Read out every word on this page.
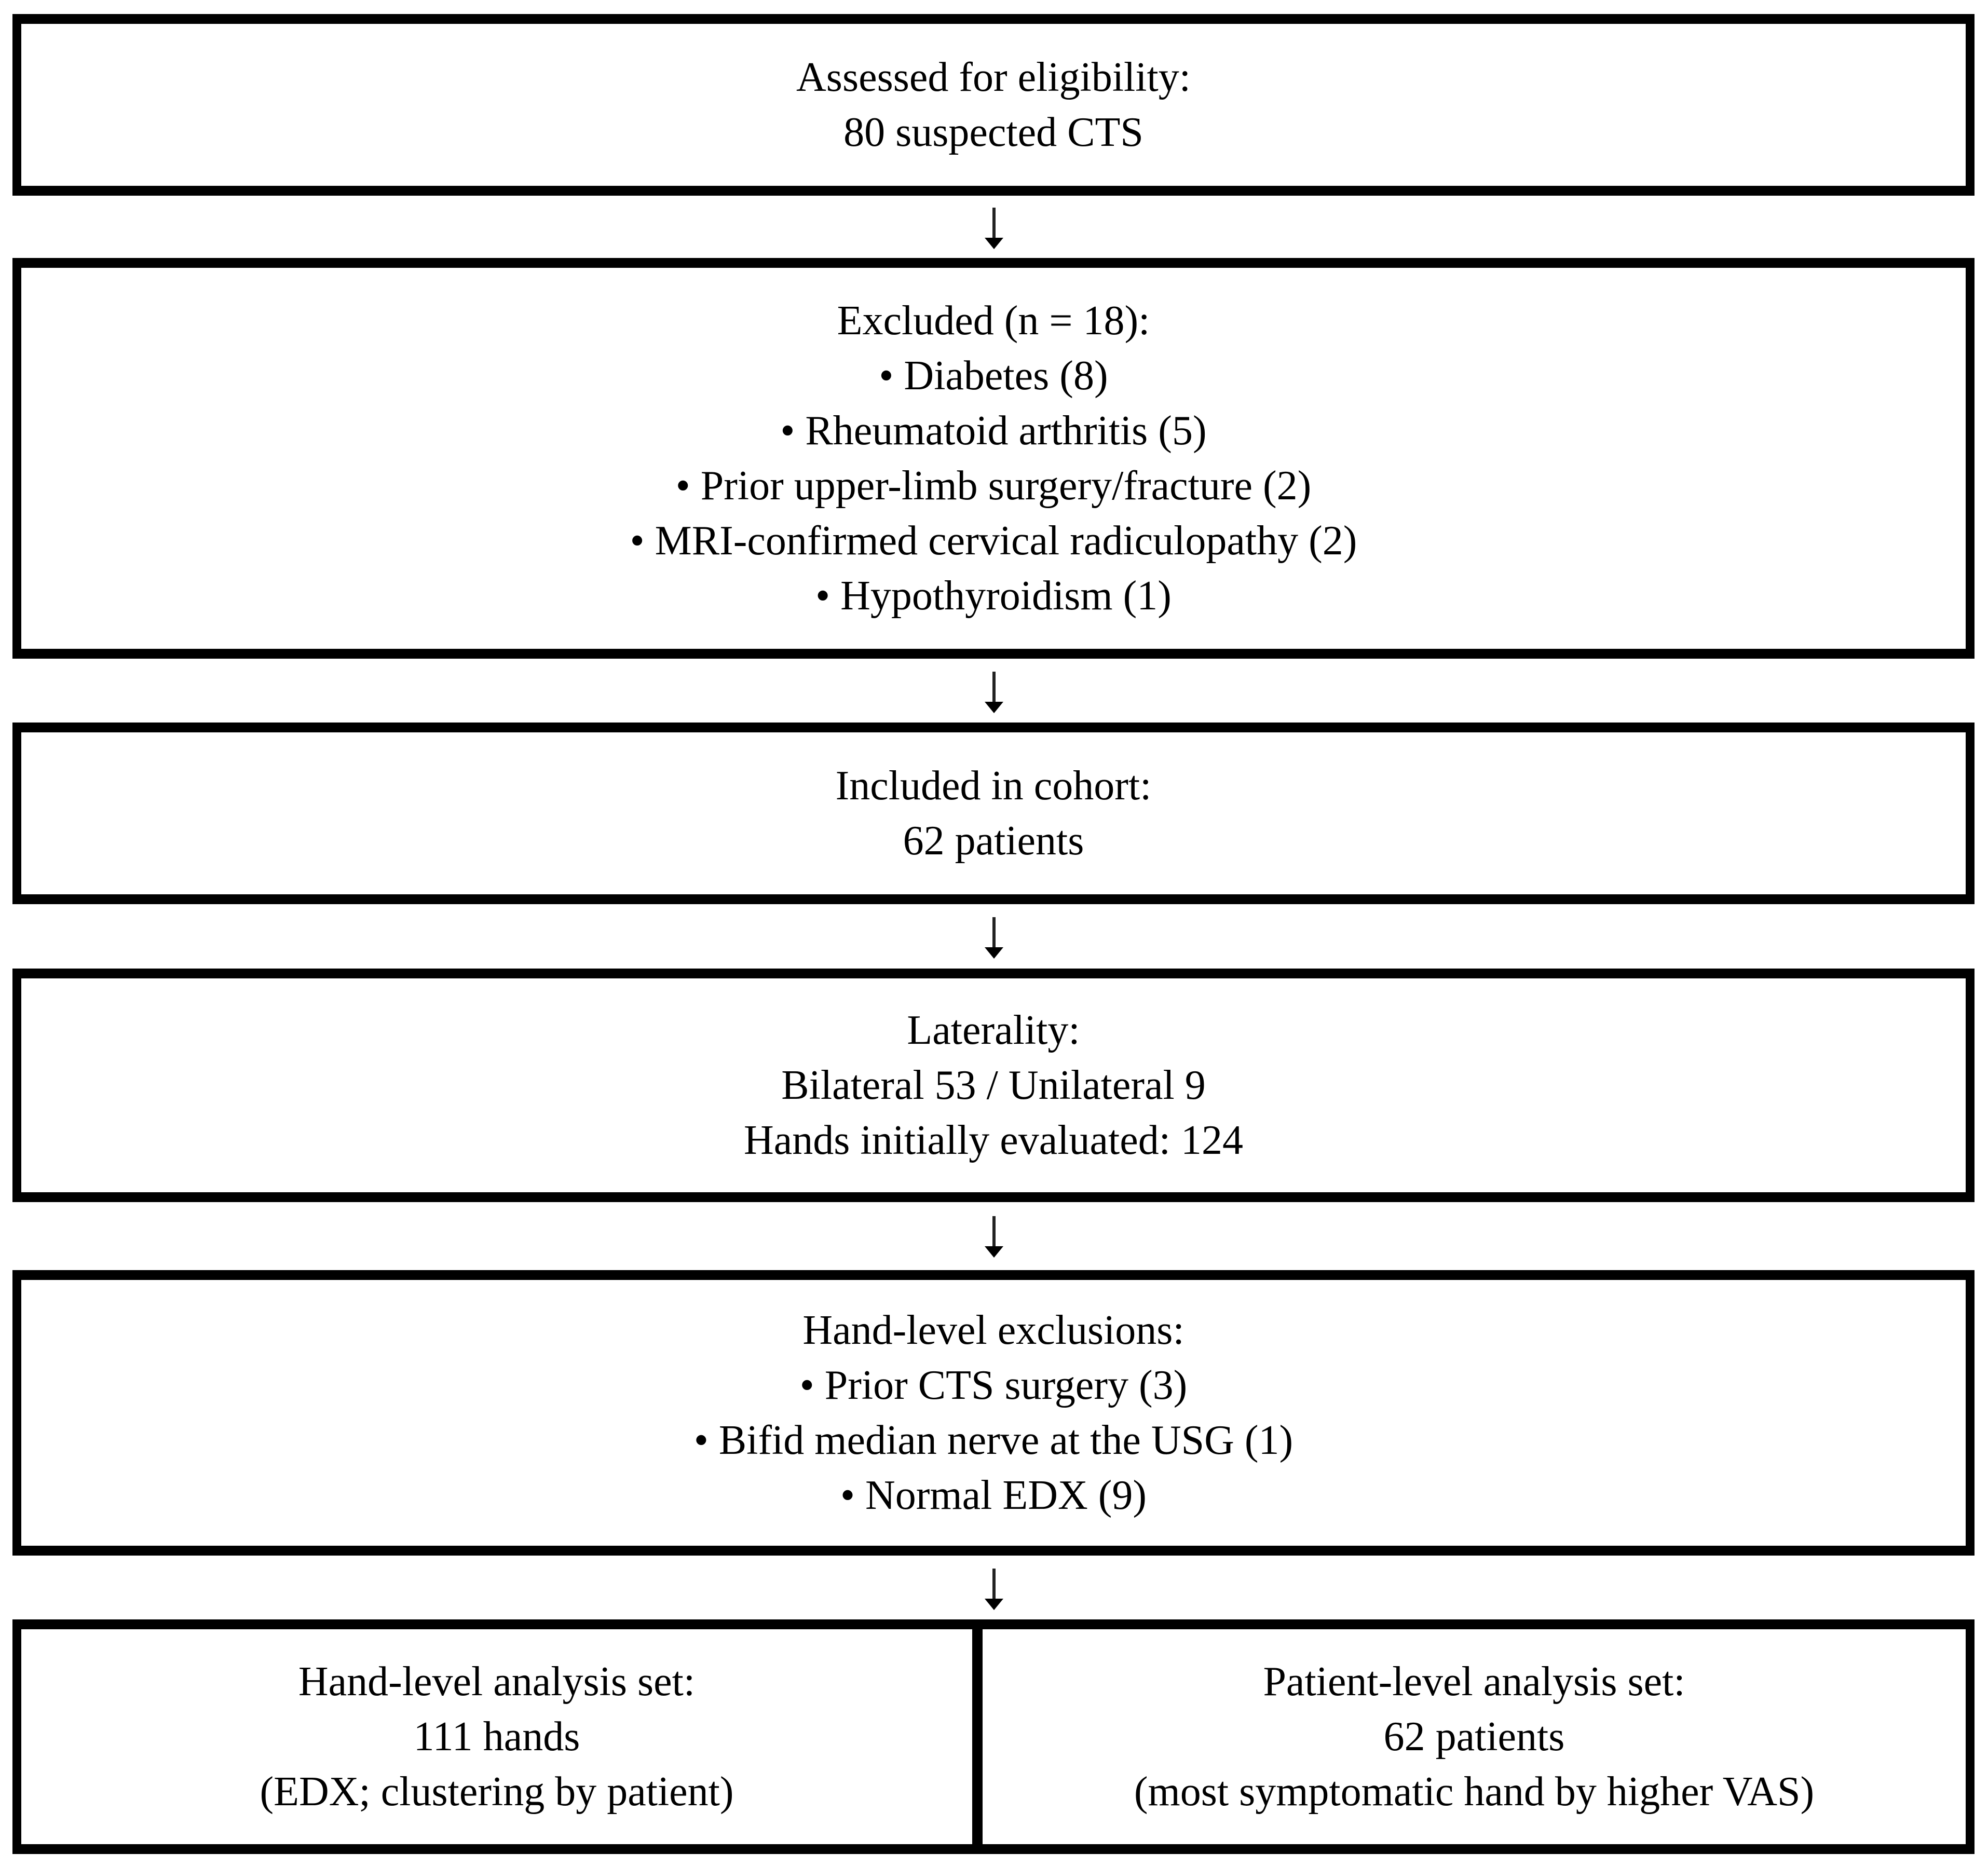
Assessed for eligibility:
80 suspected CTS
Excluded (n = 18):
• Diabetes (8)
• Rheumatoid arthritis (5)
• Prior upper-limb surgery/fracture (2)
• MRI-confirmed cervical radiculopathy (2)
• Hypothyroidism (1)
Included in cohort:
62 patients
Laterality:
Bilateral 53 / Unilateral 9
Hands initially evaluated: 124
Hand-level exclusions:
• Prior CTS surgery (3)
• Bifid median nerve at the USG (1)
• Normal EDX (9)
Hand-level analysis set:
111 hands
(EDX; clustering by patient)
Patient-level analysis set:
62 patients
(most symptomatic hand by higher VAS)
